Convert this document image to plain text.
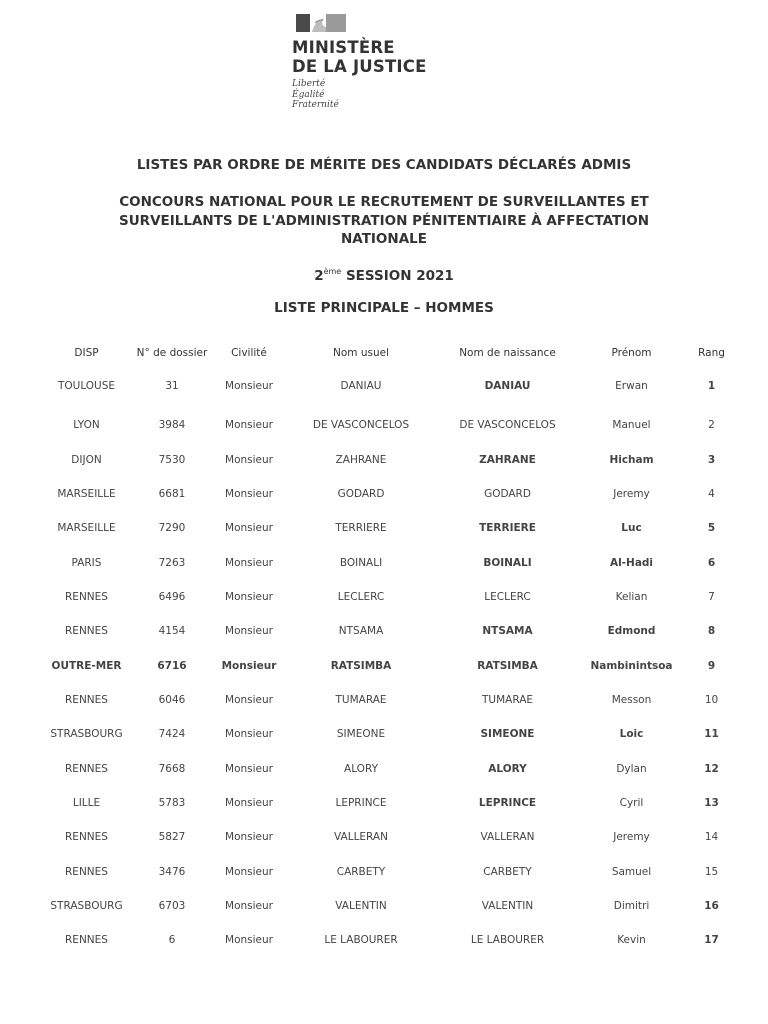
MINISTÈRE
DE LA JUSTICE
Liberté
Égalité
Fraternité
LISTES PAR ORDRE DE MÉRITE DES CANDIDATS DÉCLARÉS ADMIS
CONCOURS NATIONAL POUR LE RECRUTEMENT DE SURVEILLANTES ET SURVEILLANTS DE L'ADMINISTRATION PÉNITENTIAIRE À AFFECTATION NATIONALE
2ème SESSION 2021
LISTE PRINCIPALE – HOMMES
DISP	N° de dossier	Civilité	Nom usuel	Nom de naissance	Prénom	Rang
TOULOUSE	31	Monsieur	DANIAU	DANIAU	Erwan	1
LYON	3984	Monsieur	DE VASCONCELOS	DE VASCONCELOS	Manuel	2
DIJON	7530	Monsieur	ZAHRANE	ZAHRANE	Hicham	3
MARSEILLE	6681	Monsieur	GODARD	GODARD	Jeremy	4
MARSEILLE	7290	Monsieur	TERRIERE	TERRIERE	Luc	5
PARIS	7263	Monsieur	BOINALI	BOINALI	Al-Hadi	6
RENNES	6496	Monsieur	LECLERC	LECLERC	Kelian	7
RENNES	4154	Monsieur	NTSAMA	NTSAMA	Edmond	8
OUTRE-MER	6716	Monsieur	RATSIMBA	RATSIMBA	Nambinintsoa	9
RENNES	6046	Monsieur	TUMARAE	TUMARAE	Messon	10
STRASBOURG	7424	Monsieur	SIMEONE	SIMEONE	Loic	11
RENNES	7668	Monsieur	ALORY	ALORY	Dylan	12
LILLE	5783	Monsieur	LEPRINCE	LEPRINCE	Cyril	13
RENNES	5827	Monsieur	VALLERAN	VALLERAN	Jeremy	14
RENNES	3476	Monsieur	CARBETY	CARBETY	Samuel	15
STRASBOURG	6703	Monsieur	VALENTIN	VALENTIN	Dimitri	16
RENNES	6	Monsieur	LE LABOURER	LE LABOURER	Kevin	17
